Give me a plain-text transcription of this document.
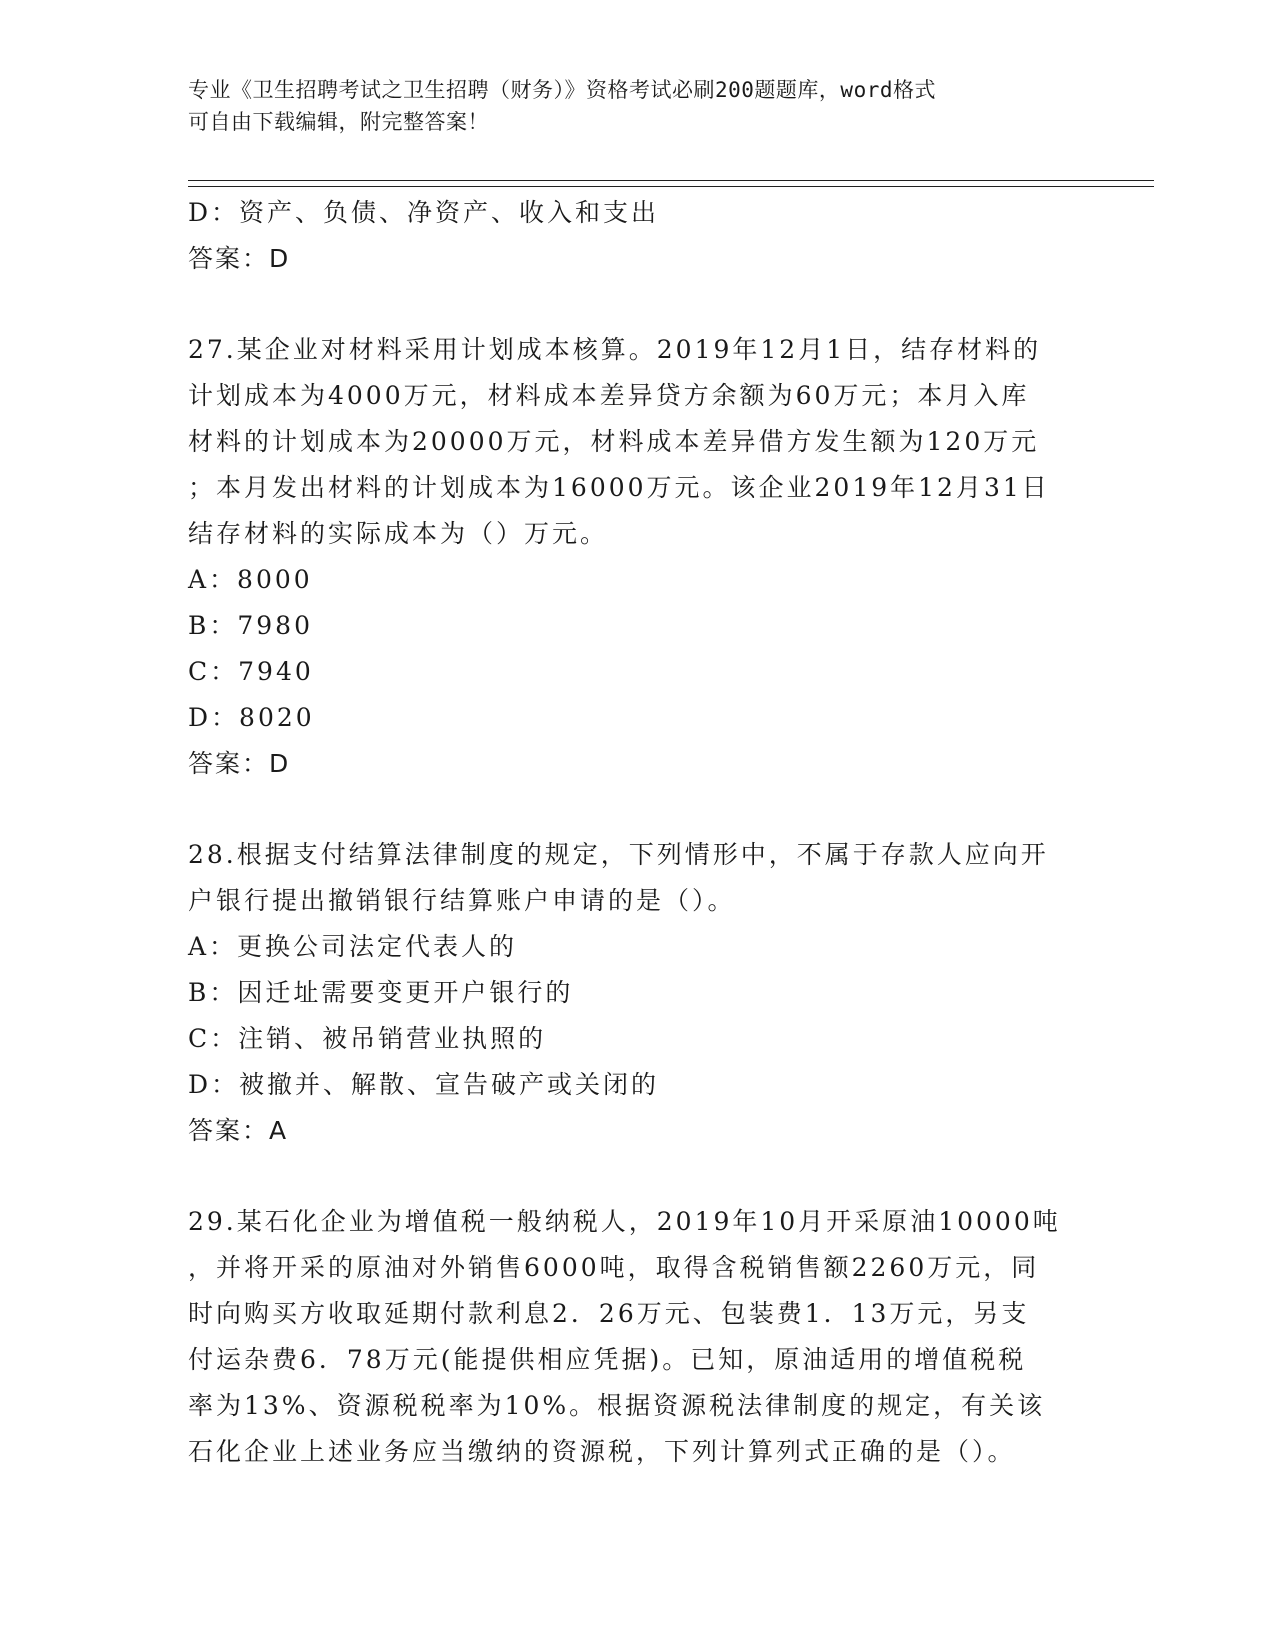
专业《卫生招聘考试之卫生招聘（财务）》资格考试必刷200题题库，word格式
可自由下载编辑，附完整答案！
D：资产、负债、净资产、收入和支出
答案：D
27.某企业对材料采用计划成本核算。2019年12月1日，结存材料的
计划成本为4000万元，材料成本差异贷方余额为60万元；本月入库
材料的计划成本为20000万元，材料成本差异借方发生额为120万元
；本月发出材料的计划成本为16000万元。该企业2019年12月31日
结存材料的实际成本为（）万元。
A：8000
B：7980
C：7940
D：8020
答案：D
28.根据支付结算法律制度的规定，下列情形中，不属于存款人应向开
户银行提出撤销银行结算账户申请的是（）。
A：更换公司法定代表人的
B：因迁址需要变更开户银行的
C：注销、被吊销营业执照的
D：被撤并、解散、宣告破产或关闭的
答案：A
29.某石化企业为增值税一般纳税人，2019年10月开采原油10000吨
，并将开采的原油对外销售6000吨，取得含税销售额2260万元，同
时向购买方收取延期付款利息2．26万元、包装费1．13万元，另支
付运杂费6．78万元(能提供相应凭据)。已知，原油适用的增值税税
率为13%、资源税税率为10%。根据资源税法律制度的规定，有关该
石化企业上述业务应当缴纳的资源税，下列计算列式正确的是（）。
